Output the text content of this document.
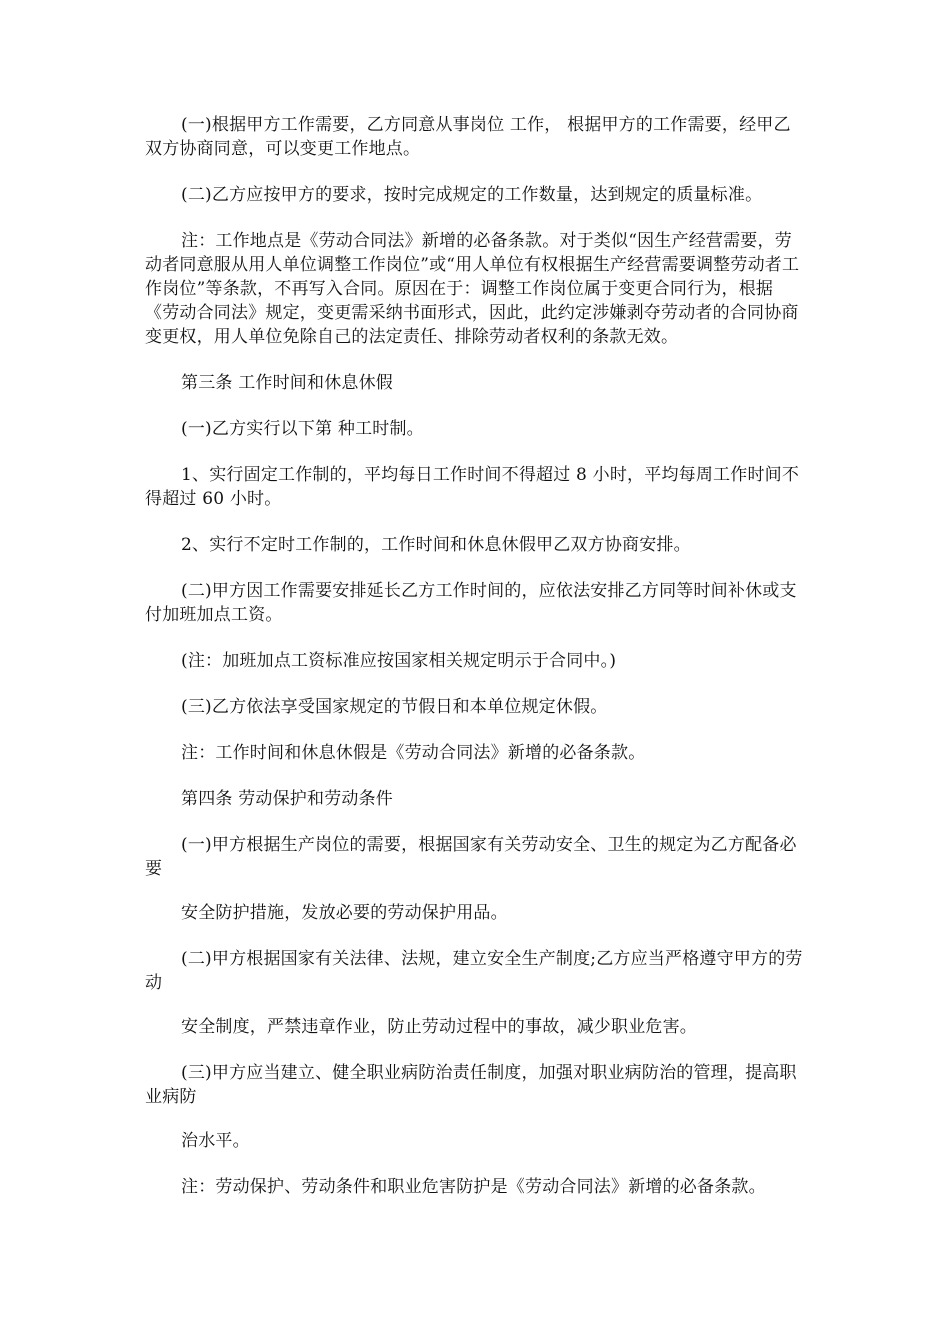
(一)根据甲方工作需要，乙方同意从事岗位 工作， 根据甲方的工作需要，经甲乙双方协商同意，可以变更工作地点。

(二)乙方应按甲方的要求，按时完成规定的工作数量，达到规定的质量标准。

注：工作地点是《劳动合同法》新增的必备条款。对于类似“因生产经营需要，劳动者同意服从用人单位调整工作岗位”或“用人单位有权根据生产经营需要调整劳动者工作岗位”等条款，不再写入合同。原因在于：调整工作岗位属于变更合同行为，根据《劳动合同法》规定，变更需采纳书面形式，因此，此约定涉嫌剥夺劳动者的合同协商变更权，用人单位免除自己的法定责任、排除劳动者权利的条款无效。

第三条 工作时间和休息休假

(一)乙方实行以下第 种工时制。

1、实行固定工作制的，平均每日工作时间不得超过 8 小时，平均每周工作时间不得超过 60 小时。

2、实行不定时工作制的，工作时间和休息休假甲乙双方协商安排。

(二)甲方因工作需要安排延长乙方工作时间的，应依法安排乙方同等时间补休或支付加班加点工资。

(注：加班加点工资标准应按国家相关规定明示于合同中。)

(三)乙方依法享受国家规定的节假日和本单位规定休假。

注：工作时间和休息休假是《劳动合同法》新增的必备条款。

第四条 劳动保护和劳动条件

(一)甲方根据生产岗位的需要，根据国家有关劳动安全、卫生的规定为乙方配备必要

安全防护措施，发放必要的劳动保护用品。

(二)甲方根据国家有关法律、法规，建立安全生产制度;乙方应当严格遵守甲方的劳动

安全制度，严禁违章作业，防止劳动过程中的事故，减少职业危害。

(三)甲方应当建立、健全职业病防治责任制度，加强对职业病防治的管理，提高职业病防

治水平。

注：劳动保护、劳动条件和职业危害防护是《劳动合同法》新增的必备条款。
